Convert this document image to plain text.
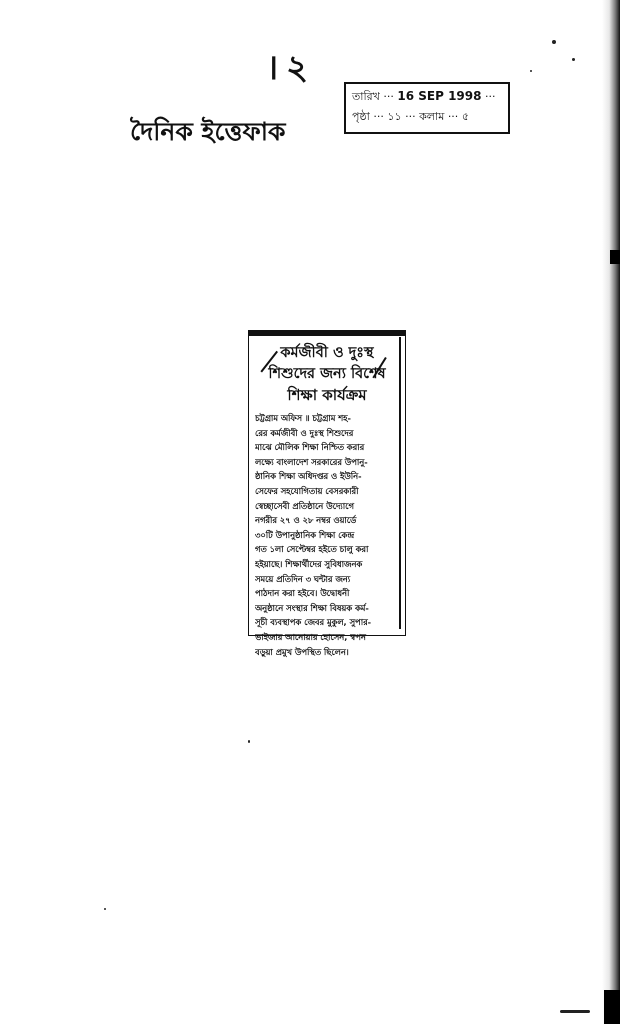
। ২
দৈনিক ইত্তেফাক
তারিখ ··· 16 SEP 1998 ···
পৃষ্ঠা ··· ১১ ··· কলাম ··· ৫
কর্মজীবী ও দুঃস্থ
শিশুদের জন্য বিশেষ
শিক্ষা কার্যক্রম
চট্টগ্রাম অফিস ॥ চট্টগ্রাম শহ-
রের কর্মজীবী ও দুঃস্থ শিশুদের
মাঝে মৌলিক শিক্ষা নিশ্চিত করার
লক্ষ্যে বাংলাদেশ সরকারের উপানু-
ষ্ঠানিক শিক্ষা অধিদপ্তর ও ইউনি-
সেফের সহযোগিতায় বেসরকারী
স্বেচ্ছাসেবী প্রতিষ্ঠানে উদ্যোগে
নগরীর ২৭ ও ২৮ নম্বর ওয়ার্ডে
৩০টি উপানুষ্ঠানিক শিক্ষা কেন্দ্র
গত ১লা সেপ্টেম্বর হইতে চালু করা
হইয়াছে। শিক্ষার্থীদের সুবিধাজনক
সময়ে প্রতিদিন ৩ ঘন্টার জন্য
পাঠদান করা হইবে। উদ্বোধনী
অনুষ্ঠানে সংস্থার শিক্ষা বিষয়ক কর্ম-
সূচী ব্যবস্থাপক জেবর মুকুল, সুপার-
ভাইজার আনোয়ার হোসেন, স্বপন
বড়ুয়া প্রমুখ উপস্থিত ছিলেন।
